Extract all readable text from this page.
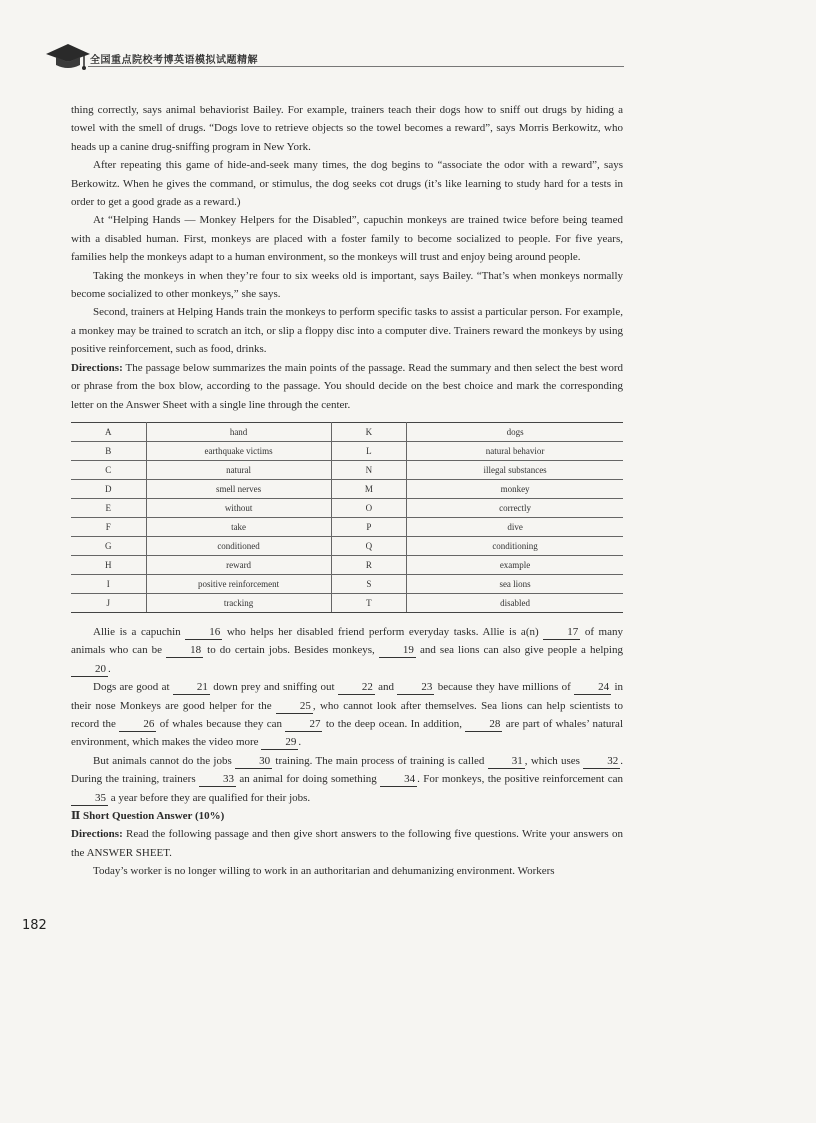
全国重点院校考博英语模拟试题精解

thing correctly, says animal behaviorist Bailey. For example, trainers teach their dogs how to sniff out drugs by hiding a towel with the smell of drugs. “Dogs love to retrieve objects so the towel becomes a reward”, says Morris Berkowitz, who heads up a canine drug-sniffing program in New York.

After repeating this game of hide-and-seek many times, the dog begins to “associate the odor with a reward”, says Berkowitz. When he gives the command, or stimulus, the dog seeks cot drugs (it’s like learning to study hard for a tests in order to get a good grade as a reward.)

At “Helping Hands — Monkey Helpers for the Disabled”, capuchin monkeys are trained twice before being teamed with a disabled human. First, monkeys are placed with a foster family to become socialized to people. For five years, families help the monkeys adapt to a human environment, so the monkeys will trust and enjoy being around people.

Taking the monkeys in when they’re four to six weeks old is important, says Bailey. “That’s when monkeys normally become socialized to other monkeys,” she says.

Second, trainers at Helping Hands train the monkeys to perform specific tasks to assist a particular person. For example, a monkey may be trained to scratch an itch, or slip a floppy disc into a computer dive. Trainers reward the monkeys by using positive reinforcement, such as food, drinks.

Directions: The passage below summarizes the main points of the passage. Read the summary and then select the best word or phrase from the box blow, according to the passage. You should decide on the best choice and mark the corresponding letter on the Answer Sheet with a single line through the center.

A	hand	K	dogs
B	earthquake victims	L	natural behavior
C	natural	N	illegal substances
D	smell nerves	M	monkey
E	without	O	correctly
F	take	P	dive
G	conditioned	Q	conditioning
H	reward	R	example
I	positive reinforcement	S	sea lions
J	tracking	T	disabled

Allie is a capuchin 16 who helps her disabled friend perform everyday tasks. Allie is a(n) 17 of many animals who can be 18 to do certain jobs. Besides monkeys, 19 and sea lions can also give people a helping 20 .

Dogs are good at 21 down prey and sniffing out 22 and 23 because they have millions of 24 in their nose Monkeys are good helper for the 25 , who cannot look after themselves. Sea lions can help scientists to record the 26 of whales because they can 27 to the deep ocean. In addition, 28 are part of whales’ natural environment, which makes the video more 29 .

But animals cannot do the jobs 30 training. The main process of training is called 31 , which uses 32 . During the training, trainers 33 an animal for doing something 34 . For monkeys, the positive reinforcement can 35 a year before they are qualified for their jobs.

Ⅱ Short Question Answer (10%)

Directions: Read the following passage and then give short answers to the following five questions. Write your answers on the ANSWER SHEET.

Today’s worker is no longer willing to work in an authoritarian and dehumanizing environment. Workers

182
